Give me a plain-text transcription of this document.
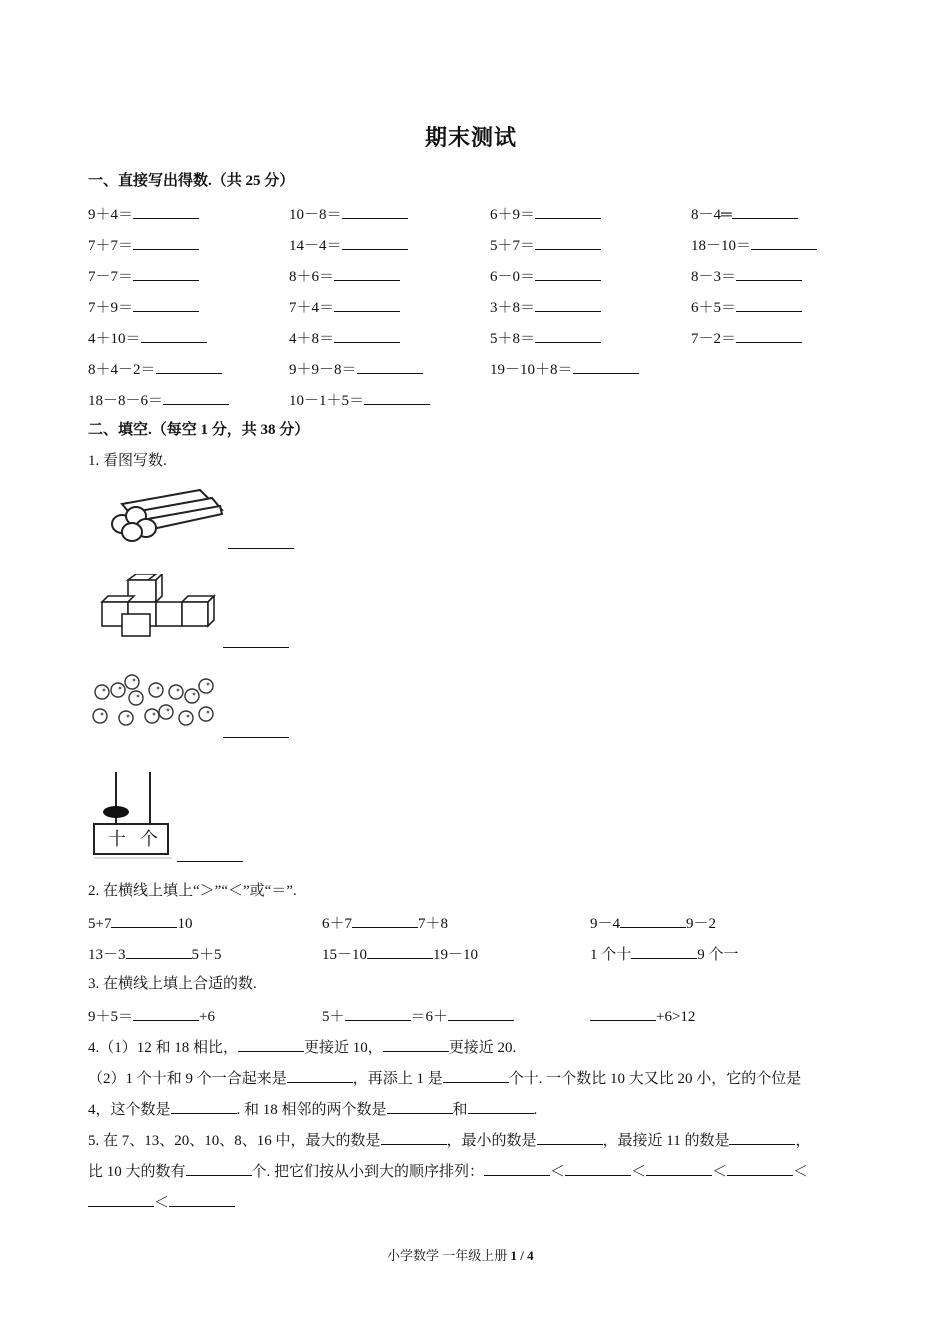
期末测试
一、直接写出得数.（共 25 分）
9＋4＝	10－8＝	6＋9＝	8－4═
7＋7＝	14－4＝	5＋7＝	18－10＝
7－7＝	8＋6＝	6－0＝	8－3＝
7＋9＝	7＋4＝	3＋8＝	6＋5＝
4＋10＝	4＋8＝	5＋8＝	7－2＝
8＋4－2＝	9＋9－8＝	19－10＋8＝
18－8－6＝	10－1＋5＝
二、填空.（每空 1 分，共 38 分）
1. 看图写数.
十 个
2. 在横线上填上“＞”“＜”或“＝”.
5+7	10	6＋7	7＋8	9－4	9－2
13－3	5＋5	15－10	19－10	1 个十	9 个一
3. 在横线上填上合适的数.
9＋5＝	+6	5＋	＝6＋	+6>12
4.（1）12 和 18 相比，	更接近 10，	更接近 20.
（2）1 个十和 9 个一合起来是	，再添上 1 是	个十. 一个数比 10 大又比 20 小，它的个位是
4，这个数是	. 和 18 相邻的两个数是	和	.
5. 在 7、13、20、10、8、16 中，最大的数是	，最小的数是	，最接近 11 的数是	，
比 10 大的数有	个. 把它们按从小到大的顺序排列：	＜	＜	＜	＜
＜
小学数学 一年级上册 1 / 4
